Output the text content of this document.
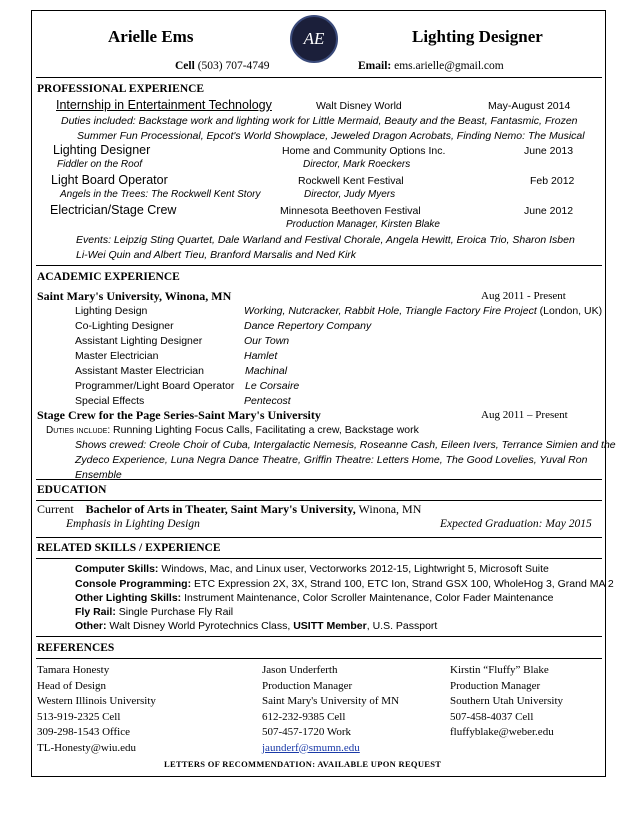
Arielle Ems	AE	Lighting Designer
Cell (503) 707-4749	Email: ems.arielle@gmail.com
PROFESSIONAL EXPERIENCE
Internship in Entertainment Technology	Walt Disney World	May-August 2014
Duties included: Backstage work and lighting work for Little Mermaid, Beauty and the Beast, Fantasmic, Frozen
Summer Fun Processional, Epcot's World Showplace, Jeweled Dragon Acrobats, Finding Nemo: The Musical
Lighting Designer	Home and Community Options Inc.	June 2013
Fiddler on the Roof	Director, Mark Roeckers
Light Board Operator	Rockwell Kent Festival	Feb 2012
Angels in the Trees: The Rockwell Kent Story	Director, Judy Myers
Electrician/Stage Crew	Minnesota Beethoven Festival	June 2012
Production Manager, Kirsten Blake
Events: Leipzig Sting Quartet, Dale Warland and Festival Chorale, Angela Hewitt, Eroica Trio, Sharon Isben
Li-Wei Quin and Albert Tieu, Branford Marsalis and Ned Kirk
ACADEMIC EXPERIENCE
Saint Mary's University, Winona, MN	Aug 2011 - Present
Lighting Design	Working, Nutcracker, Rabbit Hole, Triangle Factory Fire Project (London, UK)
Co-Lighting Designer	Dance Repertory Company
Assistant Lighting Designer	Our Town
Master Electrician	Hamlet
Assistant Master Electrician	Machinal
Programmer/Light Board Operator Le Corsaire
Special Effects	Pentecost
Stage Crew for the Page Series-Saint Mary's University	Aug 2011 – Present
Duties include: Running Lighting Focus Calls, Facilitating a crew, Backstage work
Shows crewed: Creole Choir of Cuba, Intergalactic Nemesis, Roseanne Cash, Eileen Ivers, Terrance Simien and the
Zydeco Experience, Luna Negra Dance Theatre, Griffin Theatre: Letters Home, The Good Lovelies, Yuval Ron
Ensemble
EDUCATION
Current Bachelor of Arts in Theater, Saint Mary's University, Winona, MN
Emphasis in Lighting Design	Expected Graduation: May 2015
RELATED SKILLS / EXPERIENCE
Computer Skills: Windows, Mac, and Linux user, Vectorworks 2012-15, Lightwright 5, Microsoft Suite
Console Programming: ETC Expression 2X, 3X, Strand 100, ETC Ion, Strand GSX 100, WholeHog 3, Grand MA 2
Other Lighting Skills: Instrument Maintenance, Color Scroller Maintenance, Color Fader Maintenance
Fly Rail: Single Purchase Fly Rail
Other: Walt Disney World Pyrotechnics Class, USITT Member, U.S. Passport
REFERENCES
Tamara Honesty
Head of Design
Western Illinois University
513-919-2325 Cell
309-298-1543 Office
TL-Honesty@wiu.edu
Jason Underferth
Production Manager
Saint Mary's University of MN
612-232-9385 Cell
507-457-1720 Work
jaunderf@smumn.edu
Kirstin “Fluffy” Blake
Production Manager
Southern Utah University
507-458-4037 Cell
fluffyblake@weber.edu
LETTERS OF RECOMMENDATION: AVAILABLE UPON REQUEST
